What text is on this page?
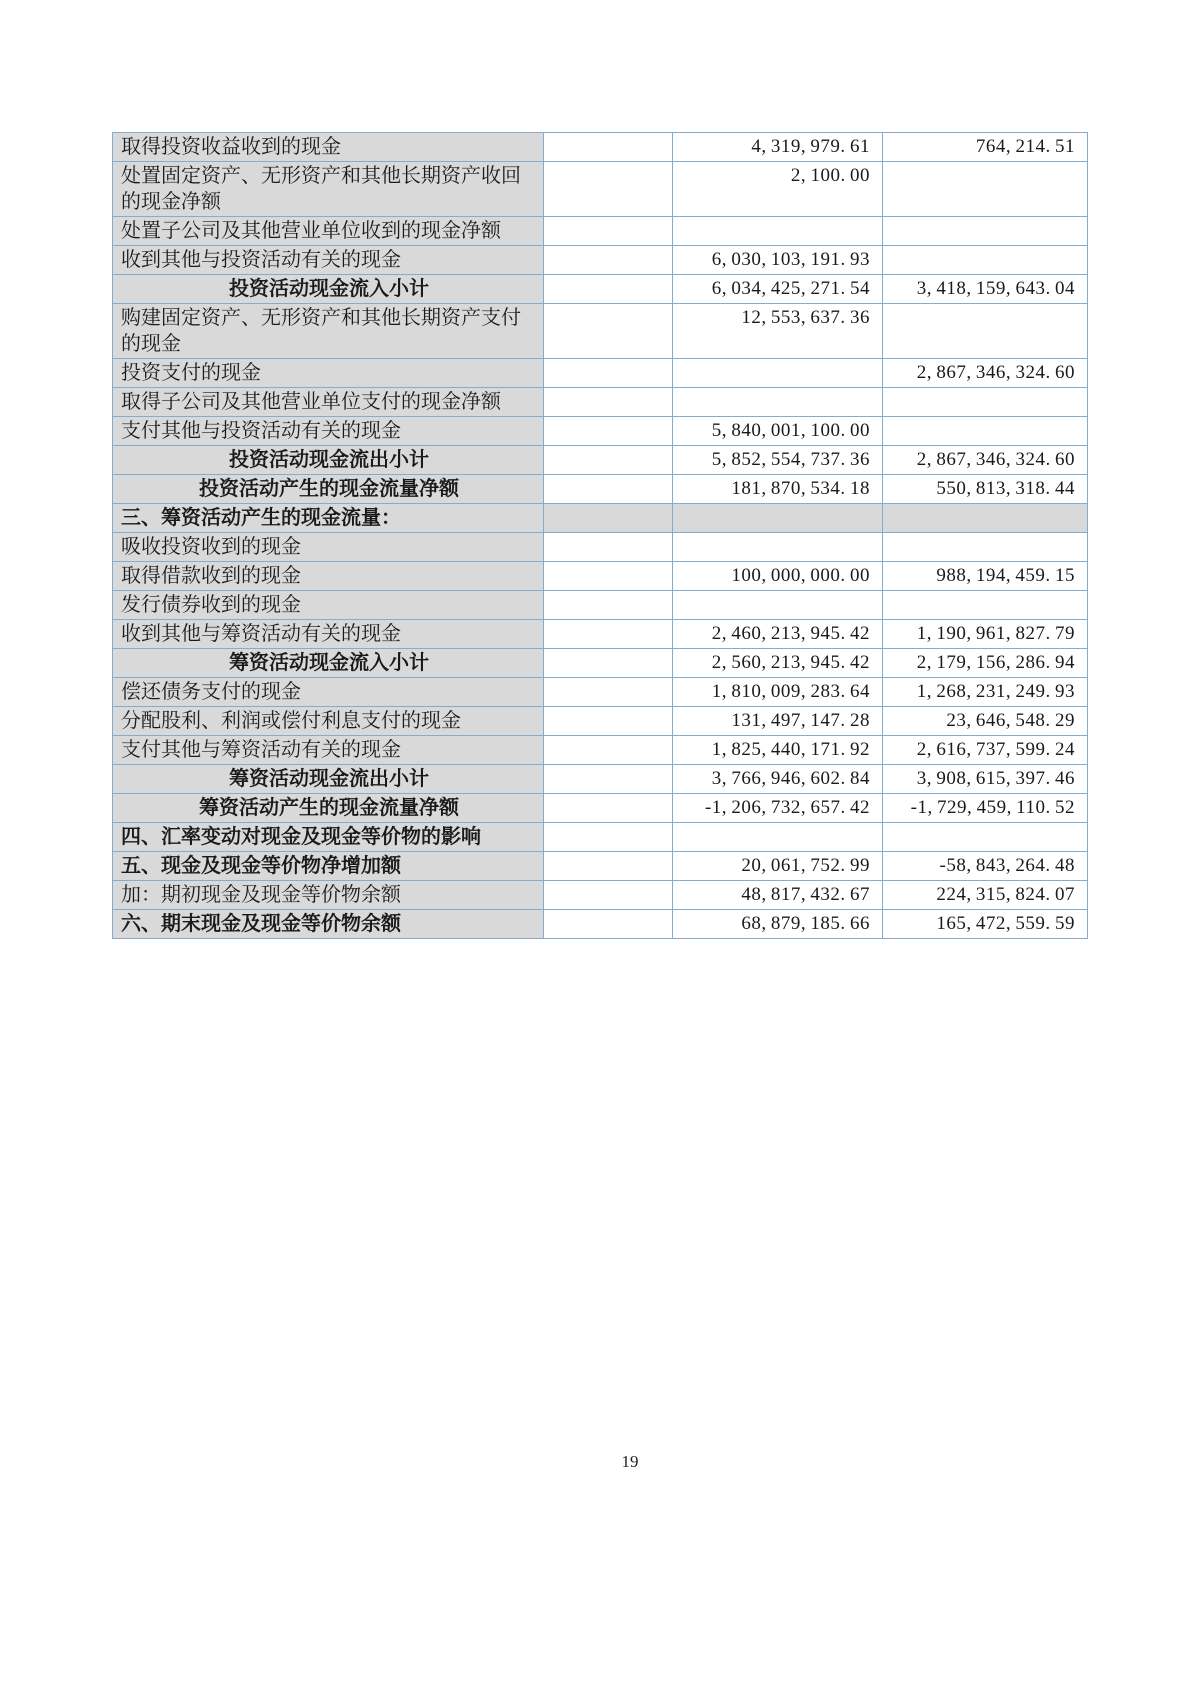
取得投资收益收到的现金		4, 319, 979. 61	764, 214. 51
处置固定资产、无形资产和其他长期资产收回的现金净额		2, 100. 00	
处置子公司及其他营业单位收到的现金净额			
收到其他与投资活动有关的现金		6, 030, 103, 191. 93	
投资活动现金流入小计		6, 034, 425, 271. 54	3, 418, 159, 643. 04
购建固定资产、无形资产和其他长期资产支付的现金		12, 553, 637. 36	
投资支付的现金			2, 867, 346, 324. 60
取得子公司及其他营业单位支付的现金净额			
支付其他与投资活动有关的现金		5, 840, 001, 100. 00	
投资活动现金流出小计		5, 852, 554, 737. 36	2, 867, 346, 324. 60
投资活动产生的现金流量净额		181, 870, 534. 18	550, 813, 318. 44
三、筹资活动产生的现金流量：			
吸收投资收到的现金			
取得借款收到的现金		100, 000, 000. 00	988, 194, 459. 15
发行债券收到的现金			
收到其他与筹资活动有关的现金		2, 460, 213, 945. 42	1, 190, 961, 827. 79
筹资活动现金流入小计		2, 560, 213, 945. 42	2, 179, 156, 286. 94
偿还债务支付的现金		1, 810, 009, 283. 64	1, 268, 231, 249. 93
分配股利、利润或偿付利息支付的现金		131, 497, 147. 28	23, 646, 548. 29
支付其他与筹资活动有关的现金		1, 825, 440, 171. 92	2, 616, 737, 599. 24
筹资活动现金流出小计		3, 766, 946, 602. 84	3, 908, 615, 397. 46
筹资活动产生的现金流量净额		-1, 206, 732, 657. 42	-1, 729, 459, 110. 52
四、汇率变动对现金及现金等价物的影响			
五、现金及现金等价物净增加额		20, 061, 752. 99	-58, 843, 264. 48
加：期初现金及现金等价物余额		48, 817, 432. 67	224, 315, 824. 07
六、期末现金及现金等价物余额		68, 879, 185. 66	165, 472, 559. 59
19
